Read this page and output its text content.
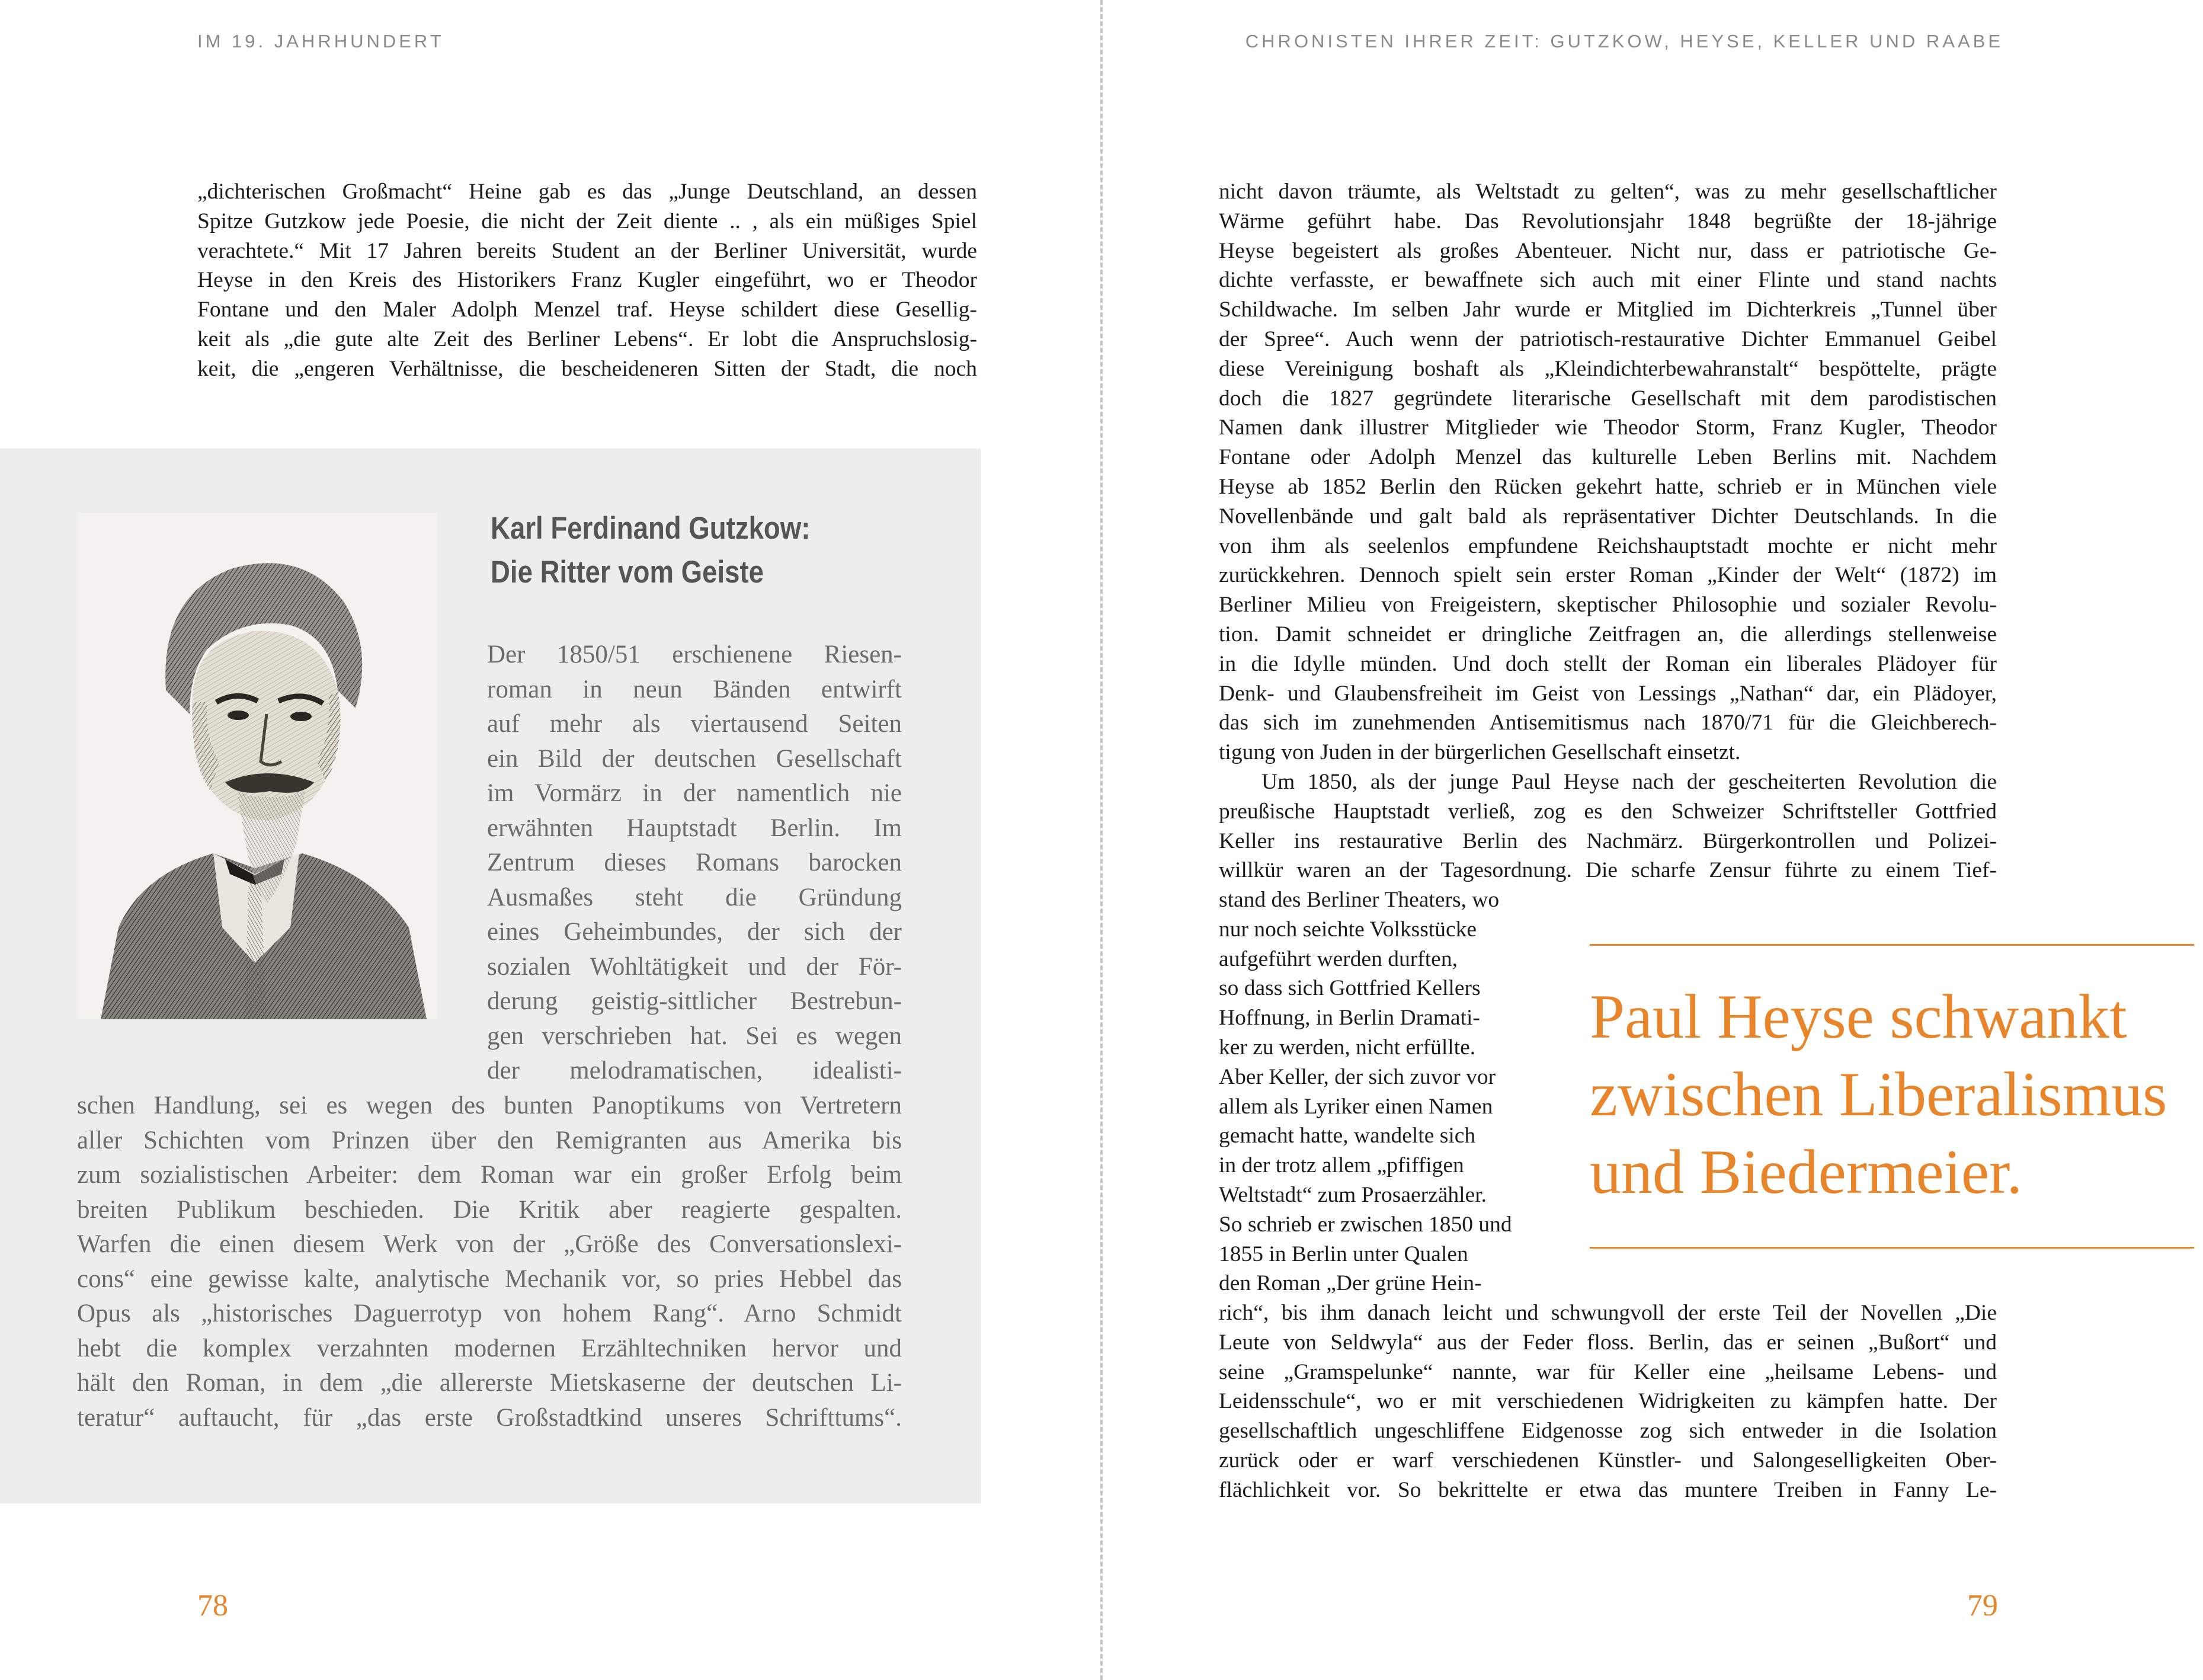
IM 19. JAHRHUNDERT
„dichterischen Großmacht“ Heine gab es das „Junge Deutschland, an dessen
Spitze Gutzkow jede Poesie, die nicht der Zeit diente .. , als ein müßiges Spiel
verachtete.“ Mit 17 Jahren bereits Student an der Berliner Universität, wurde
Heyse in den Kreis des Historikers Franz Kugler eingeführt, wo er Theodor
Fontane und den Maler Adolph Menzel traf. Heyse schildert diese Gesellig-
keit als „die gute alte Zeit des Berliner Lebens“. Er lobt die Anspruchslosig-
keit, die „engeren Verhältnisse, die bescheideneren Sitten der Stadt, die noch
Karl Ferdinand Gutzkow:
Die Ritter vom Geiste
Der 1850/51 erschienene Riesen-
roman in neun Bänden entwirft
auf mehr als viertausend Seiten
ein Bild der deutschen Gesellschaft
im Vormärz in der namentlich nie
erwähnten Hauptstadt Berlin. Im
Zentrum dieses Romans barocken
Ausmaßes steht die Gründung
eines Geheimbundes, der sich der
sozialen Wohltätigkeit und der För-
derung geistig-sittlicher Bestrebun-
gen verschrieben hat. Sei es wegen
der melodramatischen, idealisti-
schen Handlung, sei es wegen des bunten Panoptikums von Vertretern
aller Schichten vom Prinzen über den Remigranten aus Amerika bis
zum sozialistischen Arbeiter: dem Roman war ein großer Erfolg beim
breiten Publikum beschieden. Die Kritik aber reagierte gespalten.
Warfen die einen diesem Werk von der „Größe des Conversationslexi-
cons“ eine gewisse kalte, analytische Mechanik vor, so pries Hebbel das
Opus als „historisches Daguerrotyp von hohem Rang“. Arno Schmidt
hebt die komplex verzahnten modernen Erzähltechniken hervor und
hält den Roman, in dem „die allererste Mietskaserne der deutschen Li-
teratur“ auftaucht, für „das erste Großstadtkind unseres Schrifttums“.
78
CHRONISTEN IHRER ZEIT: GUTZKOW, HEYSE, KELLER UND RAABE
nicht davon träumte, als Weltstadt zu gelten“, was zu mehr gesellschaftlicher
Wärme geführt habe. Das Revolutionsjahr 1848 begrüßte der 18-jährige
Heyse begeistert als großes Abenteuer. Nicht nur, dass er patriotische Ge-
dichte verfasste, er bewaffnete sich auch mit einer Flinte und stand nachts
Schildwache. Im selben Jahr wurde er Mitglied im Dichterkreis „Tunnel über
der Spree“. Auch wenn der patriotisch-restaurative Dichter Emmanuel Geibel
diese Vereinigung boshaft als „Kleindichterbewahranstalt“ bespöttelte, prägte
doch die 1827 gegründete literarische Gesellschaft mit dem parodistischen
Namen dank illustrer Mitglieder wie Theodor Storm, Franz Kugler, Theodor
Fontane oder Adolph Menzel das kulturelle Leben Berlins mit. Nachdem
Heyse ab 1852 Berlin den Rücken gekehrt hatte, schrieb er in München viele
Novellenbände und galt bald als repräsentativer Dichter Deutschlands. In die
von ihm als seelenlos empfundene Reichshauptstadt mochte er nicht mehr
zurückkehren. Dennoch spielt sein erster Roman „Kinder der Welt“ (1872) im
Berliner Milieu von Freigeistern, skeptischer Philosophie und sozialer Revolu-
tion. Damit schneidet er dringliche Zeitfragen an, die allerdings stellenweise
in die Idylle münden. Und doch stellt der Roman ein liberales Plädoyer für
Denk- und Glaubensfreiheit im Geist von Lessings „Nathan“ dar, ein Plädoyer,
das sich im zunehmenden Antisemitismus nach 1870/71 für die Gleichberech-
tigung von Juden in der bürgerlichen Gesellschaft einsetzt.
Um 1850, als der junge Paul Heyse nach der gescheiterten Revolution die
preußische Hauptstadt verließ, zog es den Schweizer Schriftsteller Gottfried
Keller ins restaurative Berlin des Nachmärz. Bürgerkontrollen und Polizei-
willkür waren an der Tagesordnung. Die scharfe Zensur führte zu einem Tief-
stand des Berliner Theaters, wo
nur noch seichte Volksstücke
aufgeführt werden durften,
so dass sich Gottfried Kellers
Hoffnung, in Berlin Dramati-
ker zu werden, nicht erfüllte.
Aber Keller, der sich zuvor vor
allem als Lyriker einen Namen
gemacht hatte, wandelte sich
in der trotz allem „pfiffigen
Weltstadt“ zum Prosaerzähler.
So schrieb er zwischen 1850 und
1855 in Berlin unter Qualen
den Roman „Der grüne Hein-
rich“, bis ihm danach leicht und schwungvoll der erste Teil der Novellen „Die
Leute von Seldwyla“ aus der Feder floss. Berlin, das er seinen „Bußort“ und
seine „Gramspelunke“ nannte, war für Keller eine „heilsame Lebens- und
Leidensschule“, wo er mit verschiedenen Widrigkeiten zu kämpfen hatte. Der
gesellschaftlich ungeschliffene Eidgenosse zog sich entweder in die Isolation
zurück oder er warf verschiedenen Künstler- und Salongeselligkeiten Ober-
flächlichkeit vor. So bekrittelte er etwa das muntere Treiben in Fanny Le-
Paul Heyse schwankt
zwischen Liberalismus
und Biedermeier.
79
